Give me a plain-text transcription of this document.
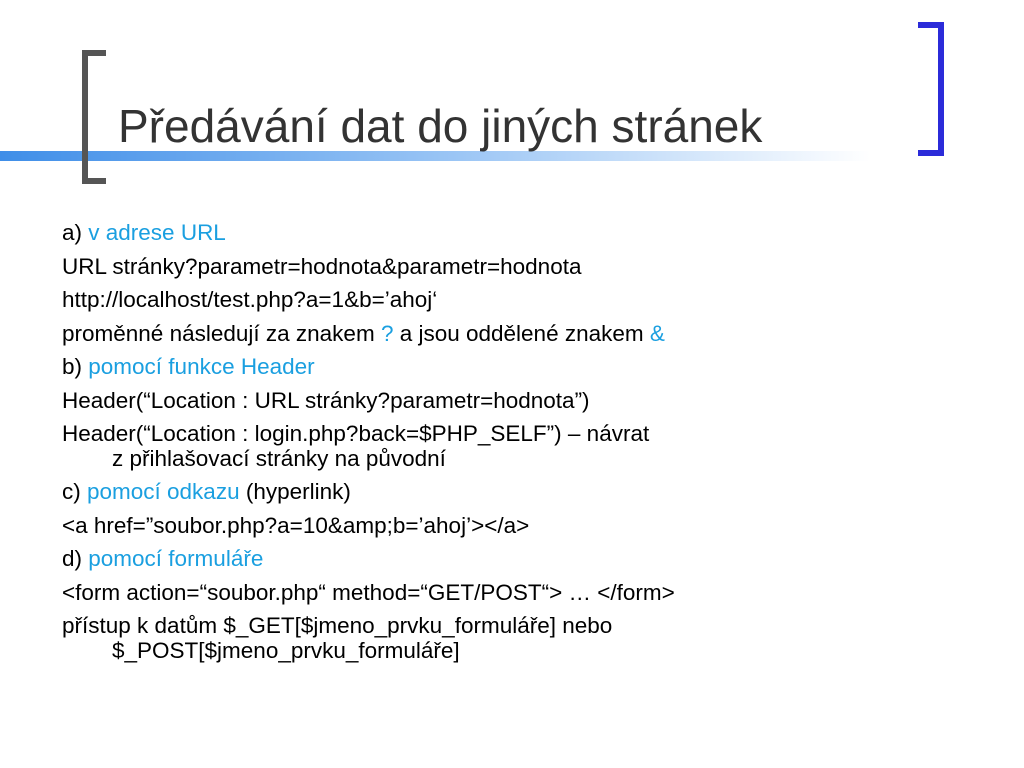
Předávání dat do jiných stránek

a) v adrese URL

URL stránky?parametr=hodnota&parametr=hodnota

http://localhost/test.php?a=1&b=’ahoj‘

proměnné následují za znakem ? a jsou oddělené znakem &

b) pomocí funkce Header

Header(“Location : URL stránky?parametr=hodnota”)

Header(“Location : login.php?back=$PHP_SELF”) – návrat
z přihlašovací stránky na původní

c) pomocí odkazu (hyperlink)

<a href=”soubor.php?a=10&amp;b=’ahoj’></a>

d) pomocí formuláře

<form action=“soubor.php“ method=“GET/POST“> … </form>

přístup k datům $_GET[$jmeno_prvku_formuláře] nebo
$_POST[$jmeno_prvku_formuláře]
